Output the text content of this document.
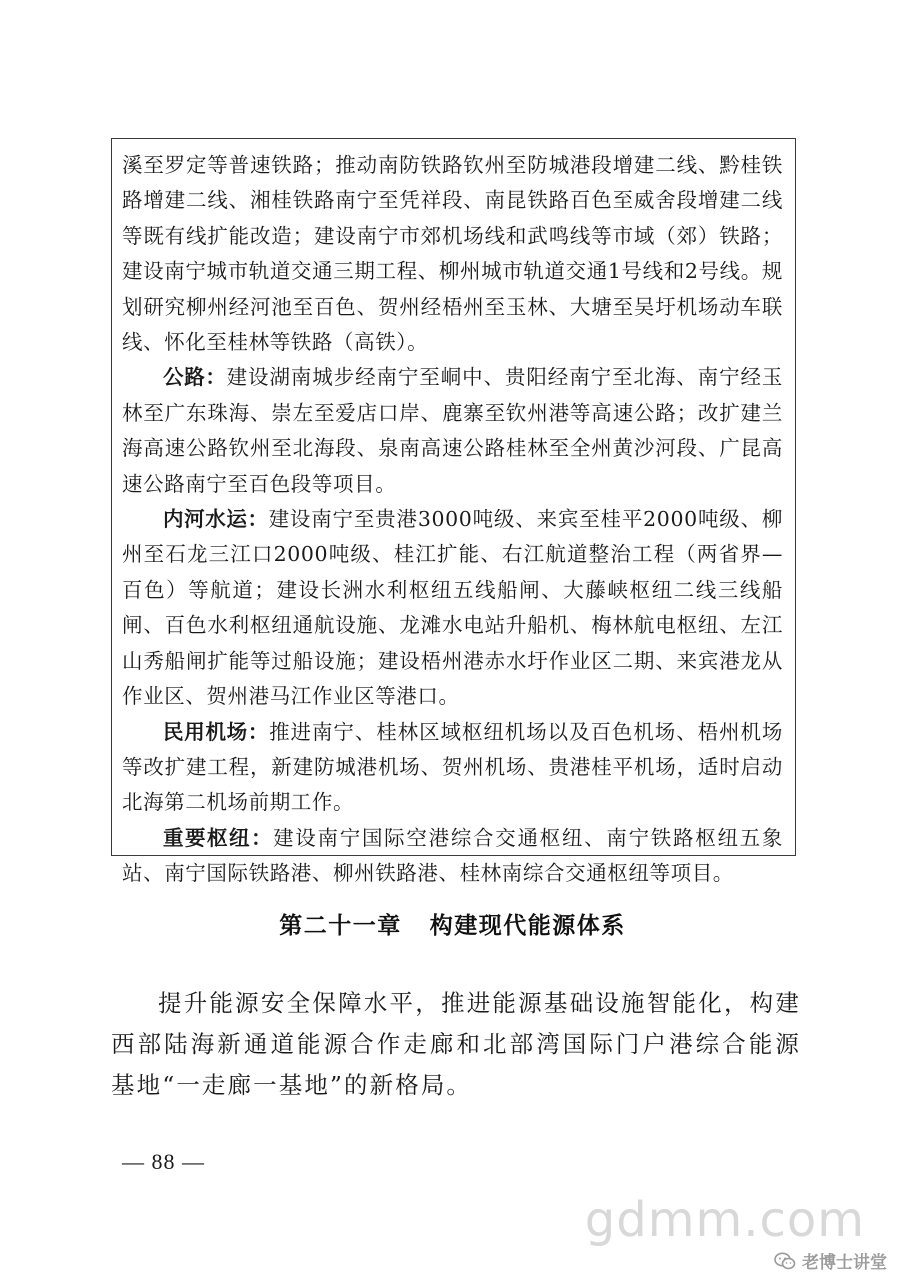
溪至罗定等普速铁路；推动南防铁路钦州至防城港段增建二线、黔桂铁路增建二线、湘桂铁路南宁至凭祥段、南昆铁路百色至威舍段增建二线等既有线扩能改造；建设南宁市郊机场线和武鸣线等市域（郊）铁路；建设南宁城市轨道交通三期工程、柳州城市轨道交通1号线和2号线。规划研究柳州经河池至百色、贺州经梧州至玉林、大塘至吴圩机场动车联线、怀化至桂林等铁路（高铁）。

公路：建设湖南城步经南宁至峒中、贵阳经南宁至北海、南宁经玉林至广东珠海、崇左至爱店口岸、鹿寨至钦州港等高速公路；改扩建兰海高速公路钦州至北海段、泉南高速公路桂林至全州黄沙河段、广昆高速公路南宁至百色段等项目。

内河水运：建设南宁至贵港3000吨级、来宾至桂平2000吨级、柳州至石龙三江口2000吨级、桂江扩能、右江航道整治工程（两省界—百色）等航道；建设长洲水利枢纽五线船闸、大藤峡枢纽二线三线船闸、百色水利枢纽通航设施、龙滩水电站升船机、梅林航电枢纽、左江山秀船闸扩能等过船设施；建设梧州港赤水圩作业区二期、来宾港龙从作业区、贺州港马江作业区等港口。

民用机场：推进南宁、桂林区域枢纽机场以及百色机场、梧州机场等改扩建工程，新建防城港机场、贺州机场、贵港桂平机场，适时启动北海第二机场前期工作。

重要枢纽：建设南宁国际空港综合交通枢纽、南宁铁路枢纽五象站、南宁国际铁路港、柳州铁路港、桂林南综合交通枢纽等项目。

第二十一章 构建现代能源体系

提升能源安全保障水平，推进能源基础设施智能化，构建西部陆海新通道能源合作走廊和北部湾国际门户港综合能源基地“一走廊一基地”的新格局。

— 88 —
gdmm.com
老博士讲堂
